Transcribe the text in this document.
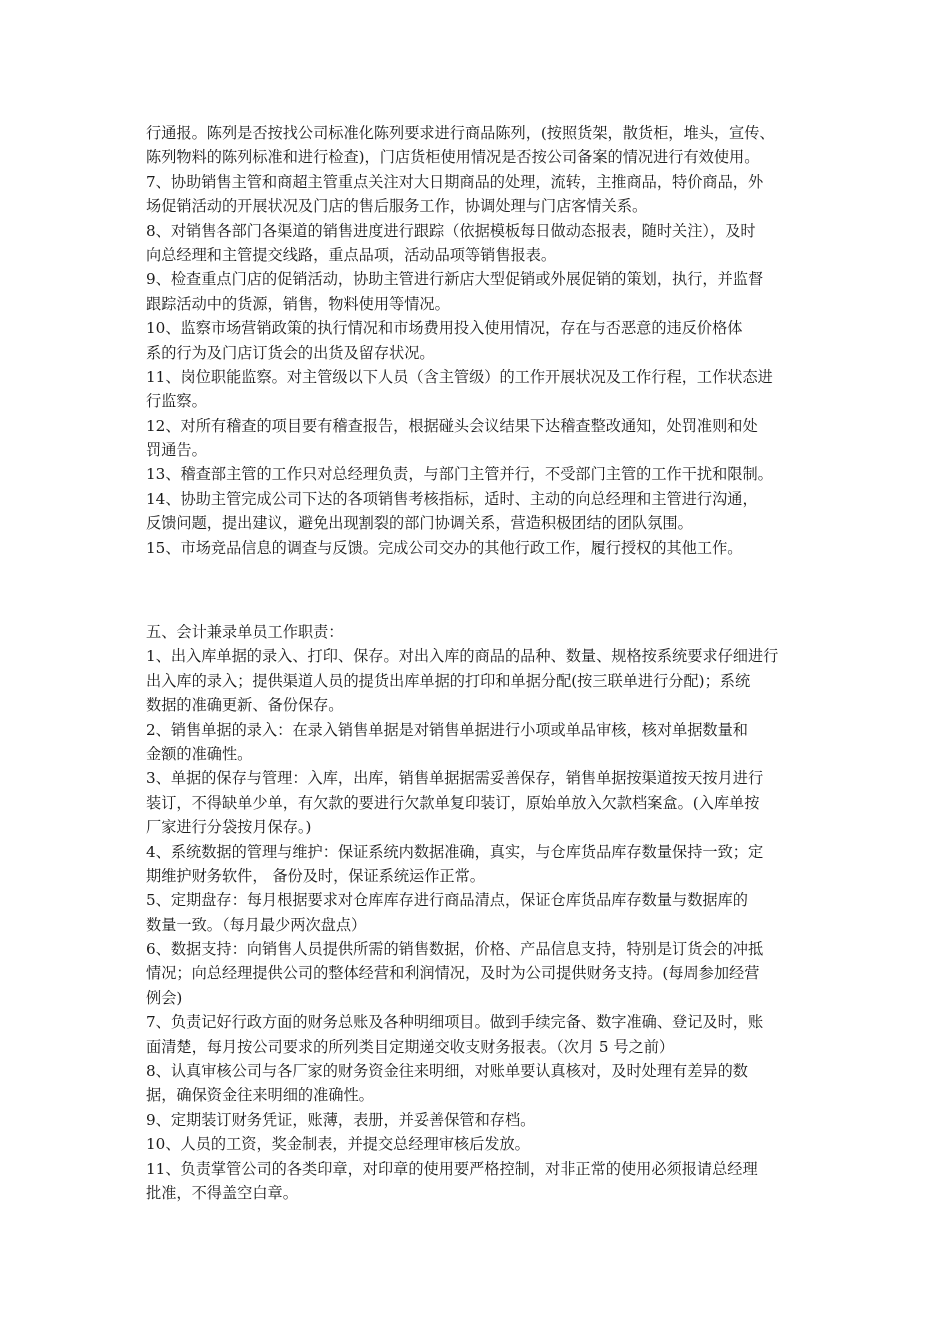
行通报。陈列是否按找公司标准化陈列要求进行商品陈列，(按照货架，散货柜，堆头，宣传、
陈列物料的陈列标准和进行检查)，门店货柜使用情况是否按公司备案的情况进行有效使用。
7、协助销售主管和商超主管重点关注对大日期商品的处理，流转，主推商品，特价商品，外
场促销活动的开展状况及门店的售后服务工作，协调处理与门店客情关系。
8、对销售各部门各渠道的销售进度进行跟踪（依据模板每日做动态报表，随时关注），及时
向总经理和主管提交线路，重点品项，活动品项等销售报表。
9、检查重点门店的促销活动，协助主管进行新店大型促销或外展促销的策划，执行，并监督
跟踪活动中的货源，销售，物料使用等情况。
10、监察市场营销政策的执行情况和市场费用投入使用情况，存在与否恶意的违反价格体
系的行为及门店订货会的出货及留存状况。
11、岗位职能监察。对主管级以下人员（含主管级）的工作开展状况及工作行程，工作状态进
行监察。
12、对所有稽查的项目要有稽查报告，根据碰头会议结果下达稽查整改通知，处罚准则和处
罚通告。
13、稽查部主管的工作只对总经理负责，与部门主管并行，不受部门主管的工作干扰和限制。
14、协助主管完成公司下达的各项销售考核指标，适时、主动的向总经理和主管进行沟通，
反馈问题，提出建议，避免出现割裂的部门协调关系，营造积极团结的团队氛围。
15、市场竞品信息的调查与反馈。完成公司交办的其他行政工作，履行授权的其他工作。
五、会计兼录单员工作职责：
1、出入库单据的录入、打印、保存。对出入库的商品的品种、数量、规格按系统要求仔细进行
出入库的录入；提供渠道人员的提货出库单据的打印和单据分配(按三联单进行分配)；系统
数据的准确更新、备份保存。
2、销售单据的录入：在录入销售单据是对销售单据进行小项或单品审核，核对单据数量和
金额的准确性。
3、单据的保存与管理：入库，出库，销售单据据需妥善保存，销售单据按渠道按天按月进行
装订，不得缺单少单，有欠款的要进行欠款单复印装订，原始单放入欠款档案盒。(入库单按
厂家进行分袋按月保存。)
4、系统数据的管理与维护：保证系统内数据准确，真实，与仓库货品库存数量保持一致；定
期维护财务软件， 备份及时，保证系统运作正常。
5、定期盘存：每月根据要求对仓库库存进行商品清点，保证仓库货品库存数量与数据库的
数量一致。（每月最少两次盘点）
6、数据支持：向销售人员提供所需的销售数据，价格、产品信息支持，特别是订货会的冲抵
情况；向总经理提供公司的整体经营和利润情况，及时为公司提供财务支持。(每周参加经营
例会)
7、负责记好行政方面的财务总账及各种明细项目。做到手续完备、数字准确、登记及时，账
面清楚，每月按公司要求的所列类目定期递交收支财务报表。（次月 5 号之前）
8、认真审核公司与各厂家的财务资金往来明细，对账单要认真核对，及时处理有差异的数
据，确保资金往来明细的准确性。
9、定期装订财务凭证，账薄，表册，并妥善保管和存档。
10、人员的工资，奖金制表，并提交总经理审核后发放。
11、负责掌管公司的各类印章，对印章的使用要严格控制，对非正常的使用必须报请总经理
批准，不得盖空白章。
